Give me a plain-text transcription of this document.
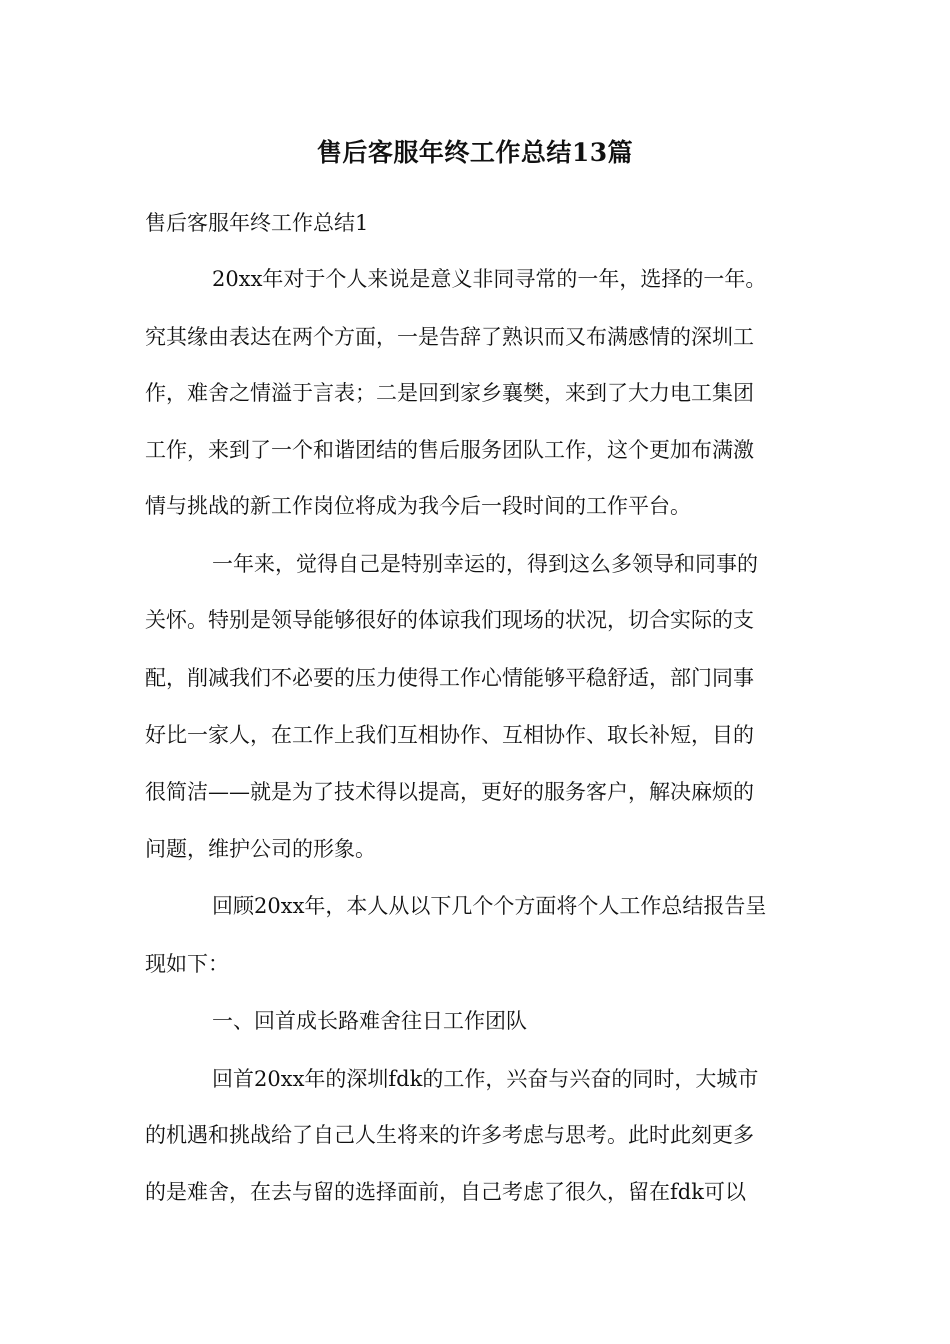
售后客服年终工作总结13篇
售后客服年终工作总结1
20xx年对于个人来说是意义非同寻常的一年，选择的一年。
究其缘由表达在两个方面，一是告辞了熟识而又布满感情的深圳工
作，难舍之情溢于言表；二是回到家乡襄樊，来到了大力电工集团
工作，来到了一个和谐团结的售后服务团队工作，这个更加布满激
情与挑战的新工作岗位将成为我今后一段时间的工作平台。
一年来，觉得自己是特别幸运的，得到这么多领导和同事的
关怀。特别是领导能够很好的体谅我们现场的状况，切合实际的支
配，削减我们不必要的压力使得工作心情能够平稳舒适，部门同事
好比一家人，在工作上我们互相协作、互相协作、取长补短，目的
很简洁——就是为了技术得以提高，更好的服务客户，解决麻烦的
问题，维护公司的形象。
回顾20xx年，本人从以下几个个方面将个人工作总结报告呈
现如下：
一、回首成长路难舍往日工作团队
回首20xx年的深圳fdk的工作，兴奋与兴奋的同时，大城市
的机遇和挑战给了自己人生将来的许多考虑与思考。此时此刻更多
的是难舍，在去与留的选择面前，自己考虑了很久，留在fdk可以
